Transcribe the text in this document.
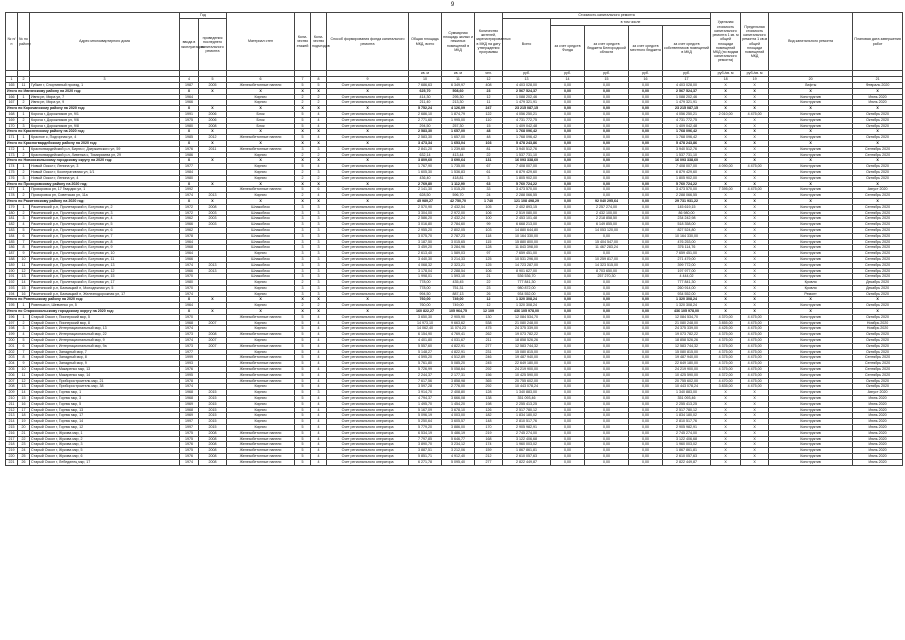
9
№ п/п	№ по району	Адрес многоквартирного дома	Год		Материал стен	Коли-чество этажей	Коли-чество подъездов	Способ формирования фонда капитального ремонта	Общая площадь МКД, всего	Суммарная площадь жилых и нежилых помещений в МКД	Количество жителей, зарегистрированных в МКД на дату утверждения программы	Стоимость капитального ремонта					Удельная стоимость капитального ремонта 1 кв. м общей площади помещений МКД (по видам капитального ремонта)	Предельная стоимость капитального ремонта 1 кв.м общей площади помещений МКД	Вид капитального ремонта	Плановая дата завершения работ
			ввода в эксплуатацию	проведения последнего капитального ремонта								Всего	в том числе							
													за счет средств Фонда	за счет средств бюджета Белгородской области	за счет средств местного бюджета	за счет средств собственников помещений в МКД				
									кв. м	кв. м	чел.	руб.	руб.	руб.	руб.	руб.	руб./кв. м	руб./кв. м		
1	2	3	4	5	6	7	8	9	10	11	12	13	14	15	16	17	18	19	20	21
165	11	Губкин г, Спортивный проезд, 1	1987	2005	Железобетонные панели	5	5	Счет регионального оператора	7 686,63	6 349,97	408	4 403 028,00	0,00	0,00	0,00	4 403 028,00	X	X	Лифты	Февраль 2020
Итого по Ивнянскому району на 2020 год:			X	X	X	X	X	X	625,70	508,60	23	2 567 524,37	0,00	0,00	0,00	2 567 524,37	X	X	X	X
166	1	Ивня рп, Мира ул, 7	1964		Кирпич	2	2	Счет регионального оператора	414,30	295,30	12	1 088 202,46	0,00	0,00	0,00	1 088 202,46	X	X	Конструктив	Июнь 2020
167	2	Ивня рп, Мира ул, 9	1966		Кирпич	2	2	Счет регионального оператора	211,40	213,30	11	1 479 321,91	0,00	0,00	0,00	1 479 321,91	X	X	Конструктив	Июль 2020
Итого по Корочанскому району на 2020 год:			X	X	X	X	X	X	5 752,24	4 126,09	247	23 215 087,15	0,00	0,00	0,00	23 215 087,15	X	X	X	X
168	1	Короча г, Дорожников ул, 9/1	1991	2006	Блок	5	4	Счет регионального оператора	2 686,10	1 874,79	122	4 056 250,21	0,00	0,00	0,00	4 056 250,21	2 010,00	4 475,00	Конструктив	Октябрь 2020
169	2	Короча г, Дорожников ул, 9/6	1975	2006	Блок	5	4	Счет регионального оператора	2 771,60	1 995,00	110	4 731 772,75	0,00	0,00	0,00	4 731 772,75	X	X	Конструктив	Октябрь 2020
170	3	Короча г, Дорожников ул, 9/8	1980	2008	Блок	5	4	Счет регионального оператора	294,50	257,30	15	1 409 042,48	0,00	0,00	0,00	1 409 042,48	X	X	Конструктив	Октябрь 2020
Итого по Красненскому району на 2020 год:			X	X	X	X	X	X	2 583,30	1 657,00	48	1 768 096,42	0,00	0,00	0,00	1 768 096,42	X	X	X	X
171	1	Красное с, Подгорная ул, 4	1985	2012	Железобетонные панели	5	4	Счет регионального оператора	2 583,30	1 657,00	48	1 768 096,42	0,00	0,00	0,00	1 768 096,42	X	X	Конструктив	Октябрь 2020
Итого по Красногвардейскому району на 2020 год:			X	X	X	X	X	X	3 473,34	1 653,04	103	5 478 243,86	0,00	0,00	0,00	5 478 243,86	X	X	X	X
172	1	Красногвардейский р-н, Бирюч г, Дзержинского ул, 59	1976	2011	Железобетонные панели	3	3	Счет регионального оператора	2 841,20	1 239,60	81	3 940 512,76	0,00	0,00	0,00	3 940 512,76	X	X	Конструктив	Сентябрь 2020
173	2	Красногвардейский р-н, Ливенка с, Тимирязева ул, 29	1986		Кирпич	2	2	Счет регионального оператора	632,14	413,44	22	1 537 731,10	0,00	0,00	0,00	1 537 731,10	X	X	Конструктив	Сентябрь 2020
Итого по Новооскольскому городскому округу на 2020 год:			X	X	X	X	X	X	3 809,60	3 690,64	131	16 093 338,60	0,00	0,00	0,00	16 093 338,60	X	X	X	X
174	1	Новый Оскол г, Ленина ул, 3	1977		Кирпич	5	4	Счет регионального оператора	1 767,90	1 735,00	67	7 408 007,00	0,00	0,00	0,00	7 408 007,00	4 090,00	4 475,00	Конструктив	Октябрь 2020
175	2	Новый Оскол г, Кооперативная ул, 1/1	1984		Кирпич	2	3	Счет регионального оператора	1 605,30	1 536,83	61	6 879 429,60	0,00	0,00	0,00	6 879 429,60	X	X	Конструктив	Октябрь 2020
176	3	Новый Оскол г, Ленина ул, 4	1980		Кирпич	2	2	Счет регионального оператора	436,40	418,81	3	1 805 902,00	0,00	0,00	0,00	1 805 902,00	X	X	Конструктив	Октябрь 2020
Итого по Прохоровскому району на 2020 год:			X	X	X	X	X	X	2 769,80	1 112,90	63	5 760 724,22	0,00	0,00	0,00	5 760 724,22	X	X	X	X
177	1	Прохоровка рп, 17 Гвардии ул, 1	1992		Железобетонные панели	5	6	Счет регионального оператора	2 141,30	1 015,20	33	3 473 570,00	0,00	0,00	0,00	3 473 570,00	7 395,00	4 475,00	Конструктив	Август 2020
178	2	Прохоровка рп, Советская ул, 11а	1974	2013	Кирпич	2	4	Счет регионального оператора	628,50	596,70	24	2 288 066,55	0,00	0,00	0,00	2 288 066,55	X	X	Конструктив	Сентябрь 2020
Итого по Ракитянскому району на 2020 год:			X	X	X	X	X	X	45 989,27	42 750,70	1 740	121 108 498,29	0,00	92 040 295,64	0,00	29 731 931,22	X	X	X	X
179	1	Ракитянский р-н, Пролетарский п, Богунова ул, 2	1972	2008	Шлакоблок	3	3	Счет регионального оператора	2 570,90	2 432,54	105	2 402 893,15	0,00	2 257 274,00	0,00	145 619,15	X	X	Конструктив	Сентябрь 2020
180	2	Ракитянский р-н, Пролетарский п, Богунова ул, 3	1972	2003	Шлакоблок	3	3	Счет регионального оператора	3 304,00	2 972,00	106	2 519 080,00	0,00	2 432 100,00	0,00	86 980,00	X	X	Конструктив	Сентябрь 2020
181	3	Ракитянский р-н, Пролетарский п, Богунова ул, 4	1962	2003	Шлакоблок	3	3	Счет регионального оператора	2 586,20	2 432,24	100	2 453 101,48	0,00	2 218 858,50	0,00	234 242,98	X	X	Конструктив	Сентябрь 2020
182	4	Ракитянский р-н, Пролетарский п, Богунова ул, 5	1966	2003	Шлакоблок	3	3	Счет регионального оператора	3 016,80	2 784,60	99	6 668 213,00	0,00	6 149 855,00	0,00	518 358,00	X	X	Конструктив	Сентябрь 2020
183	5	Ракитянский р-н, Пролетарский п, Богунова ул, 6	1962		Шлакоблок	3	3	Счет регионального оператора	2 955,20	2 802,05	103	14 880 644,80	0,00	14 053 120,00	0,00	827 524,80	X	X	Конструктив	Сентябрь 2020
184	6	Ракитянский р-н, Пролетарский п, Богунова ул, 7	1978		Шлакоблок	3	3	Счет регионального оператора	3 075,70	2 787,23	118	10 164 330,00	0,00	0,00	0,00	10 164 330,00	X	X	Конструктив	Сентябрь 2020
185	7	Ракитянский р-н, Пролетарский п, Богунова ул, 8	1964		Шлакоблок	3	3	Счет регионального оператора	3 187,50	3 015,65	115	15 880 800,00	0,00	15 404 547,00	0,00	476 253,00	X	X	Конструктив	Сентябрь 2020
186	8	Ракитянский р-н, Пролетарский п, Богунова ул, 9	1968		Шлакоблок	3	3	Счет регионального оператора	3 459,20	3 284,96	128	11 843 398,00	0,00	11 467 283,24	0,00	376 114,76	X	X	Конструктив	Сентябрь 2020
187	9	Ракитянский р-н, Пролетарский п, Богунова ул, 10	1964		Кирпич	3	3	Счет регионального оператора	2 613,40	1 589,03	97	7 659 451,00	0,00	0,00	0,00	7 659 451,00	X	X	Конструктив	Сентябрь 2020
188	10	Ракитянский р-н, Пролетарский п, Богунова ул, 11	1966		Шлакоблок	3	3	Счет регионального оператора	3 440,30	3 214,33	125	10 531 296,00	0,00	10 259 817,00	0,00	271 479,00	X	X	Конструктив	Сентябрь 2020
189	11	Ракитянский р-н, Пролетарский п, Богунова ул, 13	1974	2013	Шлакоблок	3	3	Счет регионального оператора	4 068,32	2 323,21	125	14 723 287,00	0,00	14 323 515,00	0,00	399 772,00	X	X	Конструктив	Сентябрь 2020
190	12	Ракитянский р-н, Пролетарский п, Богунова ул, 12	1966	2013	Шлакоблок	3	3	Счет регионального оператора	3 178,04	2 288,54	106	8 901 627,00	0,00	8 703 650,00	0,00	197 977,00	X	X	Конструктив	Сентябрь 2020
191	13	Ракитянский р-н, Пролетарский п, Богунова ул, 15	1970		Шлакоблок	3	3	Счет регионального оператора	1 998,01	1 593,10	21	536 536,70	0,00	257 270,30	0,00	4 444,02	X	X	Конструктив	Сентябрь 2020
192	14	Ракитянский р-н, Пролетарский п, Богунова ул, 17	1980		Кирпич	2	3	Счет регионального оператора	778,00	435,45	22	777 841,30	0,00	0,00	0,00	777 841,30	X	X	Кровля	Декабрь 2020
193	15	Ракитянский р-н, Бахмацкий п, Молодежная ул, 5	1970		Кирпич	3	3	Счет регионального оператора	778,00	751,31	23	980 872,00	0,00	0,00	0,00	260 914,00	X	X	Кровля	Декабрь 2020
194	16	Ракитянский р-н, Бахмацкий п, Железнодорожная ул, 17	1974		Кирпич	3	3	Счет регионального оператора	994,50	887,13	26	934 552,00	0,00	0,00	0,00	934 552,00	X	X	Ремонт	Октябрь 2020
Итого по Ровеньскому району на 2020 год:			X	X	X	X	X	X	760,00	749,00	12	1 320 308,24	0,00	0,00	0,00	1 320 308,24	X	X	X	X
195	1	Ровеньки п, Шевченко ул, 5	1964		Кирпич	2	2	Счет регионального оператора	760,00	749,00	12	1 320 308,24	0,00	0,00	0,00	1 320 308,24	X	X	Конструктив	Октябрь 2020
Итого по Старооскольскому городскому округу на 2020 год:			X	X	X	X	X	X	160 822,27	105 964,75	12 109	436 105 978,00	0,00	0,00	0,00	436 105 978,00	X	X	X	X
196	1	Старый Оскол г, Пионерский мкр, 5	1970		Железобетонные панели	5	4	Счет регионального оператора	3 650,30	2 905,90	130	12 084 534,70	0,00	0,00	0,00	12 084 534,70	4 370,00	4 475,00	Конструктив	Октябрь 2020
197	2	Старый Оскол г, Пионерский мкр, 8	1968	2007	Кирпич	5	4	Счет регионального оператора	14 973,10	9 663,62	538	21 080 248,00	0,00	0,00	0,00	21 080 248,00	3 855,00	4 475,00	Конструктив	Ноябрь 2020
198	3	Старый Оскол г, Интернациональный мкр, 13	1974		Кирпич	5	4	Счет регионального оператора	14 062,40	11 074,23	475	24 375 339,00	0,00	0,00	0,00	24 375 339,00	4 425,00	4 475,00	Конструктив	Ноябрь 2020
199	4	Старый Оскол г, Интернациональный мкр, 22	1973	2008	Железобетонные панели	5	4	Счет регионального оператора	6 154,90	4 769,41	262	19 073 782,22	0,00	0,00	0,00	19 073 782,22	4 375,00	4 475,00	Конструктив	Октябрь 2020
200	5	Старый Оскол г, Интернациональный мкр, 9	1974	2007	Кирпич	5	4	Счет регионального оператора	4 401,80	4 031,67	211	18 858 526,26	0,00	0,00	0,00	18 858 526,26	4 375,00	4 475,00	Конструктив	Октябрь 2020
201	6	Старый Оскол г, Интернациональный мкр, 9а	1973	2007	Железобетонные панели	5	4	Счет регионального оператора	5 557,60	4 822,91	277	12 583 744,32	0,00	0,00	0,00	12 583 744,32	4 375,00	4 475,00	Конструктив	Октябрь 2020
202	7	Старый Оскол г, Западный мкр, 7	1977		Кирпич	5	4	Счет регионального оператора	5 148,27	4 822,91	231	15 080 815,00	0,00	0,00	0,00	15 080 815,00	4 375,00	4 475,00	Конструктив	Октябрь 2020
203	8	Старый Оскол г, Западный мкр, 8	1999		Железобетонные панели	5	4	Счет регионального оператора	4 595,20	4 512,89	246	19 487 940,00	0,00	0,00	0,00	19 487 940,00	4 375,00	4 475,00	Конструктив	Сентябрь 2020
204	9	Старый Оскол г, Западный мкр, 9	1993		Железобетонные панели	5	4	Счет регионального оператора	5 761,80	5 085,20	245	22 649 180,00	0,00	0,00	0,00	22 649 180,00	4 375,00	4 475,00	Конструктив	Сентябрь 2020
205	10	Старый Оскол г, Макаренко мкр, 13	1976		Железобетонные панели	5	4	Счет регионального оператора	5 726,99	5 058,64	292	24 219 900,00	0,00	0,00	0,00	24 219 900,00	4 375,00	4 475,00	Конструктив	Сентябрь 2020
206	11	Старый Оскол г, Макаренко мкр, 14	1995		Железобетонные панели	5	4	Счет регионального оператора	2 244,37	2 177,31	156	10 425 590,00	0,00	0,00	0,00	10 425 590,00	4 372,00	4 475,00	Конструктив	Сентябрь 2020
207	12	Старый Оскол г, Приборостроитель мкр, 21	1978		Железобетонные панели	5	4	Счет регионального оператора	7 617,56	3 858,98	365	20 755 602,00	0,00	0,00	0,00	20 755 602,00	4 470,00	4 475,00	Конструктив	Октябрь 2020
208	13	Старый Оскол г, Приборостроитель мкр, 38	1974		Кирпич	5	4	Счет регионального оператора	3 597,28	2 776,00	292	10 443 078,24	0,00	0,00	0,00	10 443 078,24	3 835,00	4 475,00	Конструктив	Октябрь 2020
209	14	Старый Оскол г, Горняк мкр, 1	1968	2015	Кирпич	5	3	Счет регионального оператора	3 914,70	2 408,80	128	1 340 883,00	0,00	0,00	0,00	1 340 883,00	X	X	Конструктив	Август 2020
210	15	Старый Оскол г, Горняк мкр, 3	1968	2015	Кирпич	5	4	Счет регионального оператора	4 794,37	3 666,08	138	351 093,46	0,00	0,00	0,00	351 093,46	X	X	Конструктив	Июнь 2020
211	16	Старый Оскол г, Горняк мкр, 5	1969	2015	Кирпич	5	4	Счет регионального оператора	1 495,70	1 454,20	198	2 255 413,25	0,00	0,00	0,00	2 255 413,25	X	X	Конструктив	Июнь 2020
212	17	Старый Оскол г, Горняк мкр, 13	1968	2015	Кирпич	5	4	Счет регионального оператора	5 167,09	3 678,10	126	2 517 780,12	0,00	0,00	0,00	2 517 780,12	X	X	Конструктив	Июнь 2020
213	18	Старый Оскол г, Горняк мкр, 17	1969	2015	Кирпич	5	4	Счет регионального оператора	5 096,19	4 003,00	182	1 834 180,02	0,00	0,00	0,00	1 834 180,02	X	X	Конструктив	Июнь 2020
214	19	Старый Оскол г, Горняк мкр, 14	1997	2015	Кирпич	5	4	Счет регионального оператора	5 250,64	3 605,57	148	2 810 517,76	0,00	0,00	0,00	2 810 517,76	X	X	Конструктив	Июнь 2020
215	20	Старый Оскол г, Горняк мкр, 12	1997	2015	Кирпич	5	4	Счет регионального оператора	5 779,20	3 886,00	170	2 905 982,91	0,00	0,00	0,00	2 905 982,91	X	X	Конструктив	Июнь 2020
216	21	Старый Оскол г, Жукова мкр, 1	1975	2008	Железобетонные панели	5	4	Счет регионального оператора	6 534,19	5 486,19	219	2 745 274,00	0,00	0,00	0,00	2 745 274,00	X	X	Конструктив	Июль 2020
217	22	Старый Оскол г, Жукова мкр, 2	1975	2008	Железобетонные панели	5	4	Счет регионального оператора	7 797,85	5 646,77	168	3 122 406,68	0,00	0,00	0,00	3 122 406,68	X	X	Конструктив	Июль 2020
218	23	Старый Оскол г, Жукова мкр, 3	1976	2008	Железобетонные панели	5	4	Счет регионального оператора	3 890,70	3 234,12	174	1 960 003,02	0,00	0,00	0,00	1 960 003,02	X	X	Конструктив	Июль 2020
219	24	Старый Оскол г, Жукова мкр, 5	1975	2008	Железобетонные панели	5	4	Счет регионального оператора	3 887,51	3 212,06	159	1 867 861,81	0,00	0,00	0,00	1 867 861,81	X	X	Конструктив	Июль 2020
220	25	Старый Оскол г, Жукова мкр, 6	1976	2008	Железобетонные панели	5	4	Счет регионального оператора	5 851,71	4 912,40	212	2 610 057,63	0,00	0,00	0,00	2 610 057,63	X	X	Конструктив	Июль 2020
221	26	Старый Оскол г, Лебединец мкр, 17	1974	2008	Железобетонные панели	5	4	Счет регионального оператора	6 271,78	5 095,40	277	2 822 449,87	0,00	0,00	0,00	2 822 449,87	X	X	Конструктив	Июль 2020
